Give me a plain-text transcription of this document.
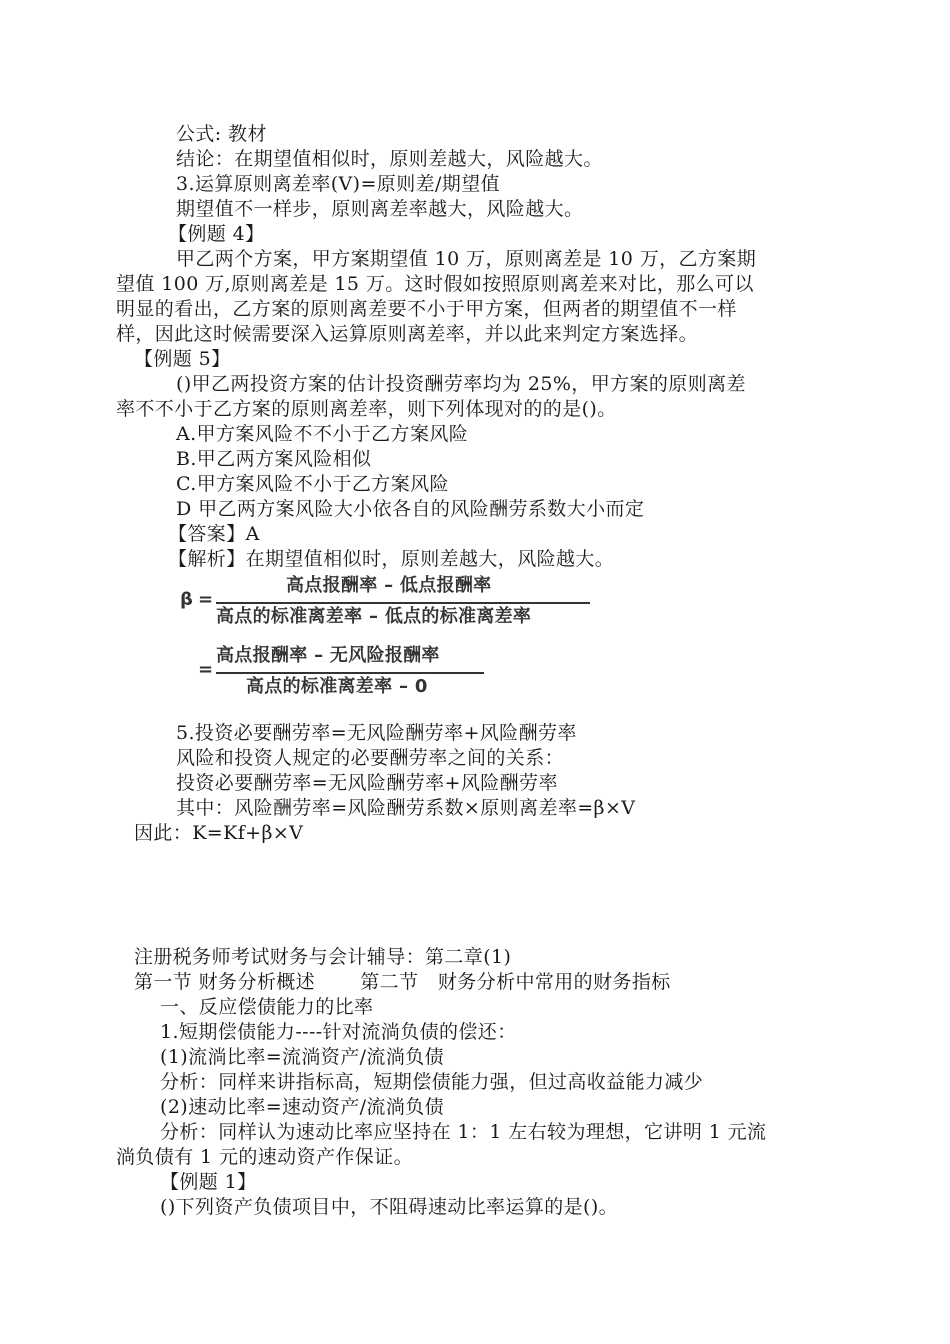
公式: 教材
结论：在期望值相似时，原则差越大，风险越大。
3.运算原则离差率(V)=原则差/期望值
期望值不一样步，原则离差率越大，风险越大。
【例题 4】
甲乙两个方案，甲方案期望值 10 万，原则离差是 10 万，乙方案期
望值 100 万,原则离差是 15 万。这时假如按照原则离差来对比，那么可以
明显的看出，乙方案的原则离差要不小于甲方案，但两者的期望值不一样
样，因此这时候需要深入运算原则离差率，并以此来判定方案选择。
【例题 5】
()甲乙两投资方案的估计投资酬劳率均为 25%，甲方案的原则离差
率不不小于乙方案的原则离差率，则下列体现对的的是()。
A.甲方案风险不不小于乙方案风险
B.甲乙两方案风险相似
C.甲方案风险不小于乙方案风险
D 甲乙两方案风险大小依各自的风险酬劳系数大小而定
【答案】A
【解析】在期望值相似时，原则差越大，风险越大。
β =
高点报酬率 – 低点报酬率
高点的标准离差率 – 低点的标准离差率
=
高点报酬率 – 无风险报酬率
高点的标准离差率 – 0
5.投资必要酬劳率=无风险酬劳率+风险酬劳率
风险和投资人规定的必要酬劳率之间的关系：
投资必要酬劳率=无风险酬劳率+风险酬劳率
其中：风险酬劳率=风险酬劳系数×原则离差率=β×V
因此：K=Kf+β×V
注册税务师考试财务与会计辅导：第二章(1)
第一节 财务分析概述　　 第二节　财务分析中常用的财务指标
一、反应偿债能力的比率
1.短期偿债能力----针对流淌负债的偿还：
(1)流淌比率=流淌资产/流淌负债
分析：同样来讲指标高，短期偿债能力强，但过高收益能力减少
(2)速动比率=速动资产/流淌负债
分析：同样认为速动比率应坚持在 1：1 左右较为理想，它讲明 1 元流
淌负债有 1 元的速动资产作保证。
【例题 1】
()下列资产负债项目中，不阻碍速动比率运算的是()。
